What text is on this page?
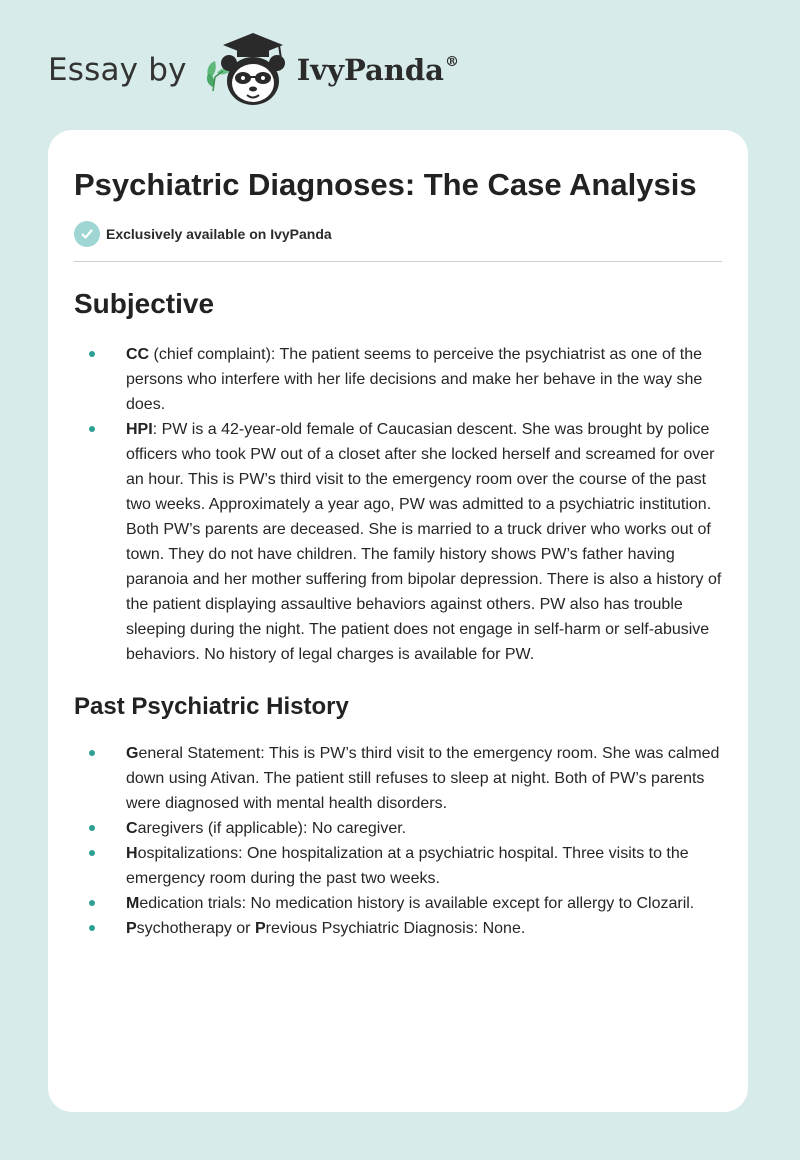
Essay by	IvyPanda®
Psychiatric Diagnoses: The Case Analysis
Exclusively available on IvyPanda
Subjective
CC (chief complaint): The patient seems to perceive the psychiatrist as one of the persons who interfere with her life decisions and make her behave in the way she does.
HPI: PW is a 42-year-old female of Caucasian descent. She was brought by police officers who took PW out of a closet after she locked herself and screamed for over an hour. This is PW’s third visit to the emergency room over the course of the past two weeks. Approximately a year ago, PW was admitted to a psychiatric institution. Both PW’s parents are deceased. She is married to a truck driver who works out of town. They do not have children. The family history shows PW’s father having paranoia and her mother suffering from bipolar depression. There is also a history of the patient displaying assaultive behaviors against others. PW also has trouble sleeping during the night. The patient does not engage in self-harm or self-abusive behaviors. No history of legal charges is available for PW.
Past Psychiatric History
General Statement: This is PW’s third visit to the emergency room. She was calmed down using Ativan. The patient still refuses to sleep at night. Both of PW’s parents were diagnosed with mental health disorders.
Caregivers (if applicable): No caregiver.
Hospitalizations: One hospitalization at a psychiatric hospital. Three visits to the emergency room during the past two weeks.
Medication trials: No medication history is available except for allergy to Clozaril.
Psychotherapy or Previous Psychiatric Diagnosis: None.
